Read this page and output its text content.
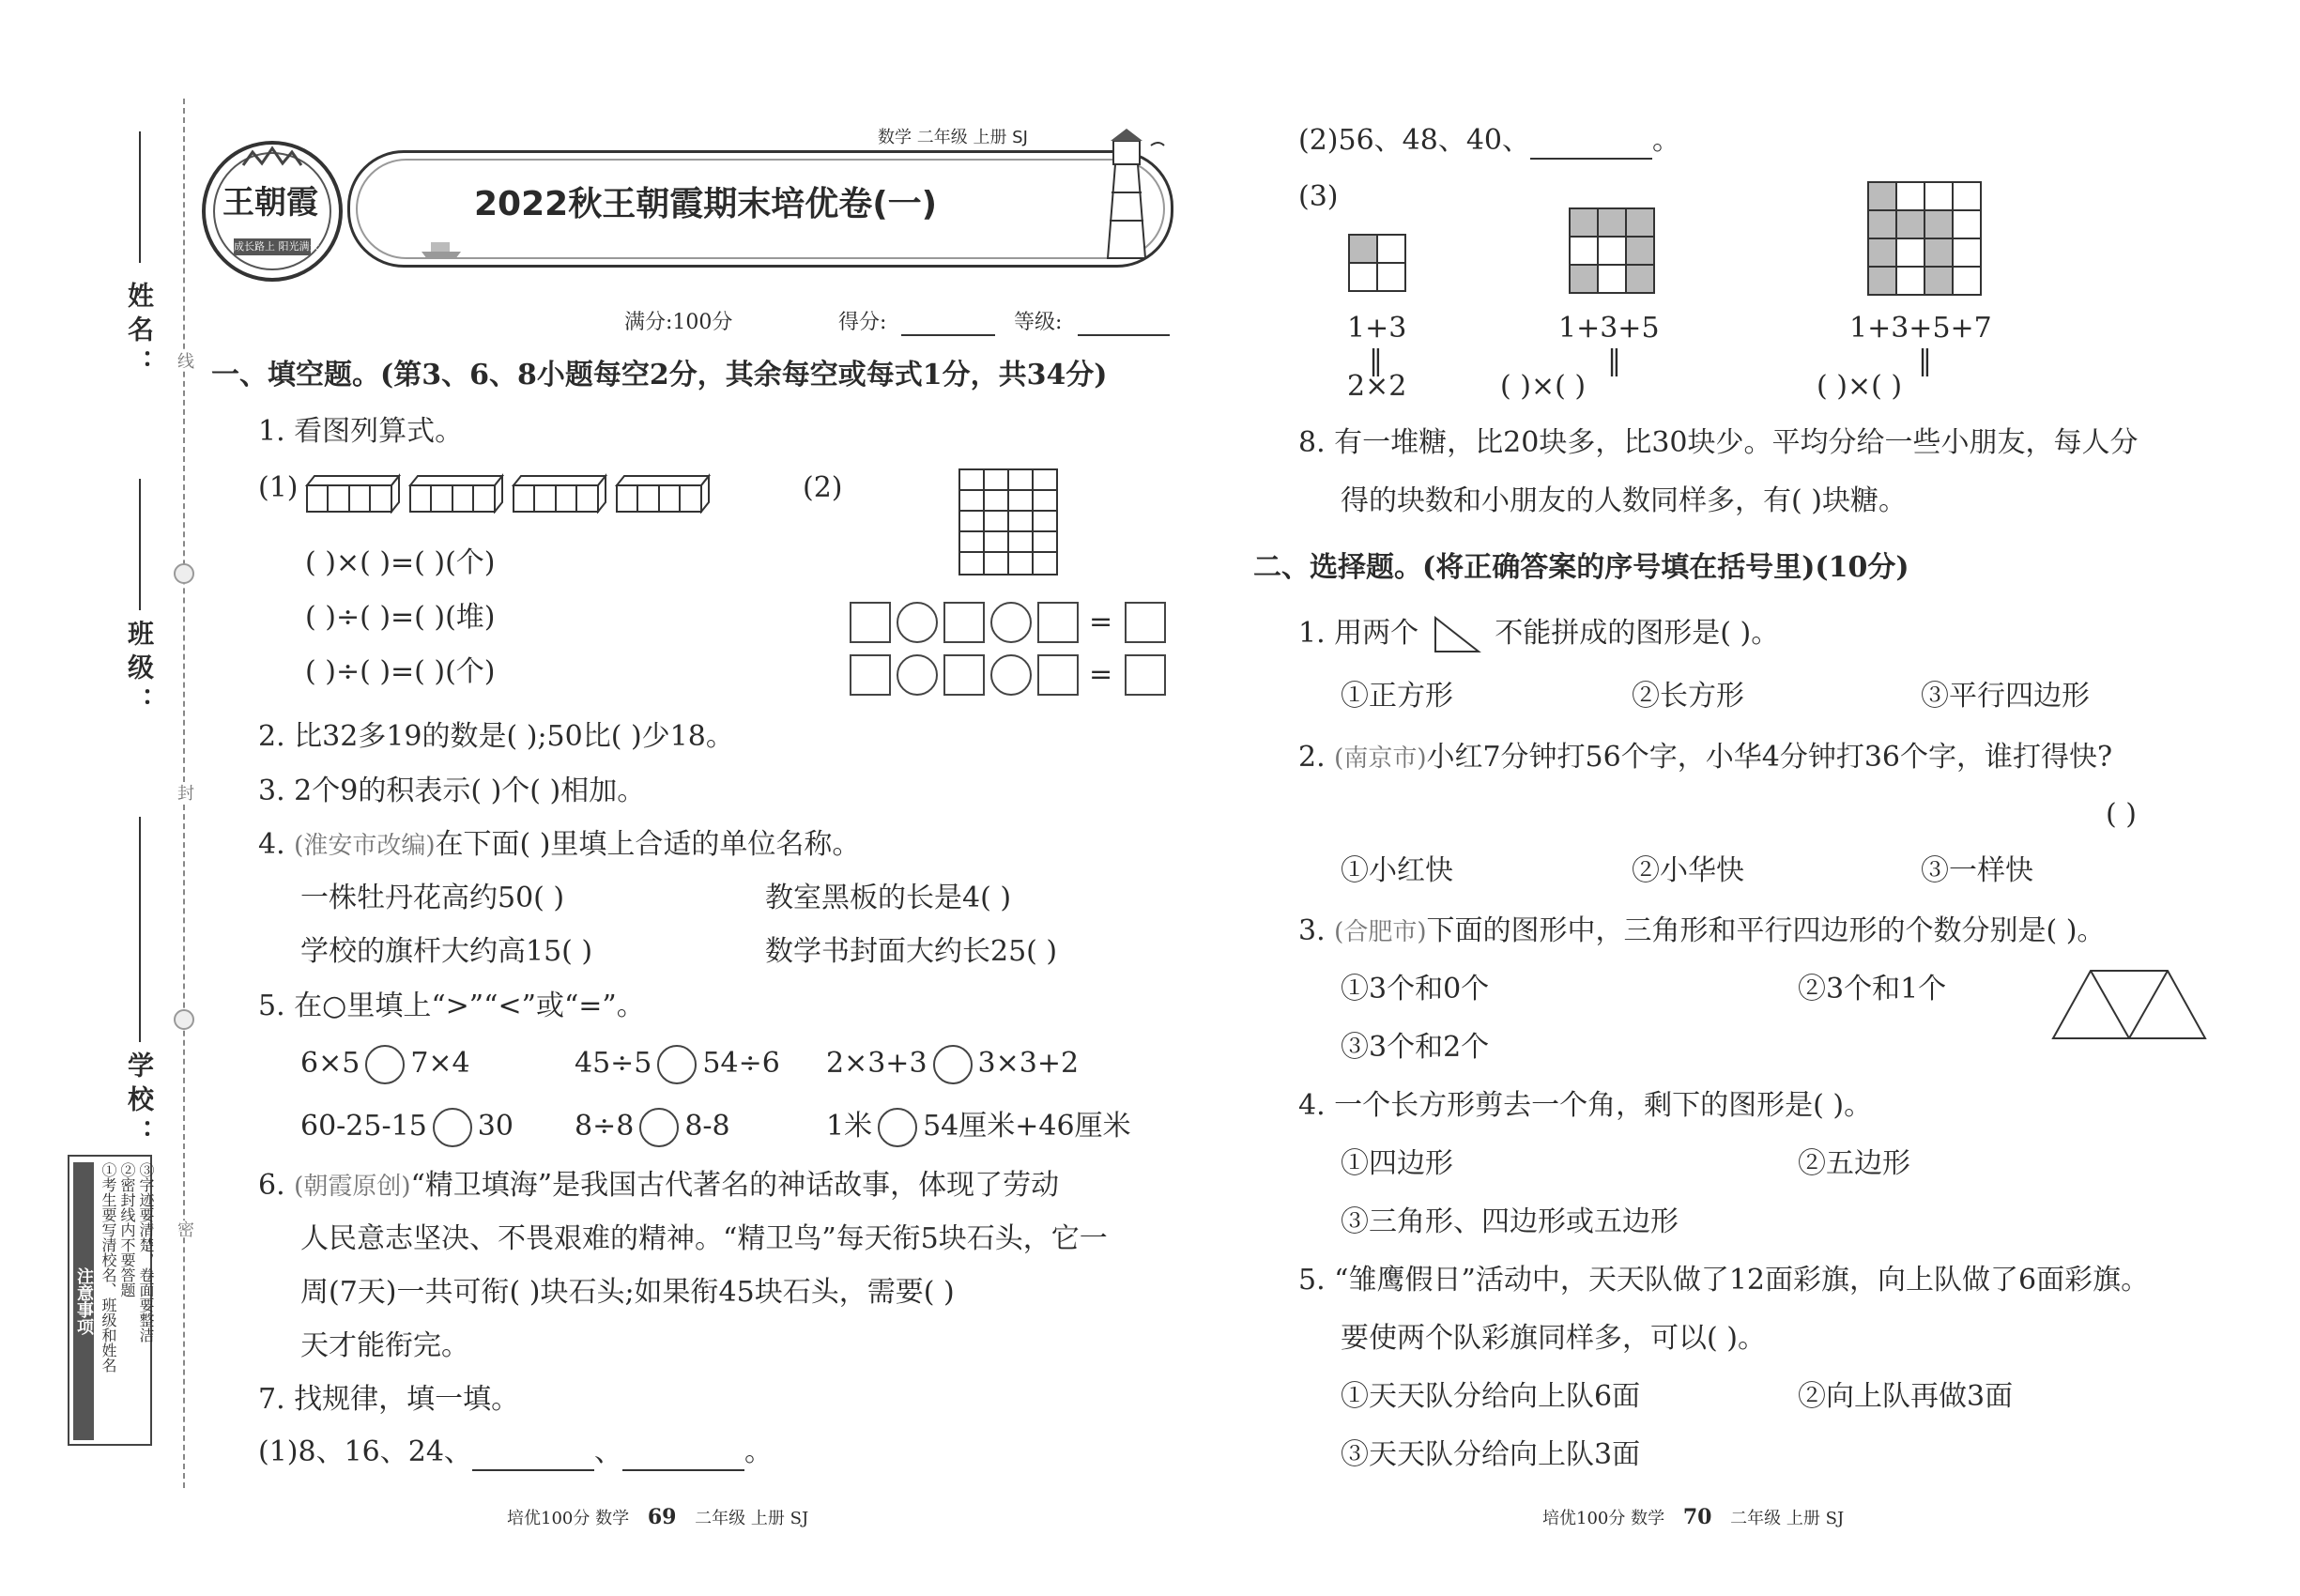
姓名：
班级：
学校：
线
封
密
注意事项 ①考生要写清校名、班级和姓名 ②密封线内不要答题 ③字迹要清楚，卷面要整洁
数学 二年级 上册 SJ
2022秋王朝霞期末培优卷(一)
王朝霞
成长路上 阳光满天
满分:100分	得分:	等级:
一、填空题。(第3、6、8小题每空2分，其余每空或每式1分，共34分)
1. 看图列算式。
(1)	(2)
( )×( )=( )(个)
( )÷( )=( )(堆)
( )÷( )=( )(个)
=
=
2. 比32多19的数是( );50比( )少18。
3. 2个9的积表示( )个( )相加。
4. (淮安市改编)在下面( )里填上合适的单位名称。
一株牡丹花高约50( )	教室黑板的长是4( )
学校的旗杆大约高15( )	数学书封面大约长25( )
5. 在○里填上“>”“<”或“=”。
6×5 7×4	45÷5 54÷6 2×3+3 3×3+2
60-25-15 30 8÷8 8-8	1米 54厘米+46厘米
6. (朝霞原创)“精卫填海”是我国古代著名的神话故事，体现了劳动
人民意志坚决、不畏艰难的精神。“精卫鸟”每天衔5块石头，它一
周(7天)一共可衔( )块石头;如果衔45块石头，需要( )
天才能衔完。
7. 找规律，填一填。
(1)8、16、24、	、	。
(2)56、48、40、	。
(3)
1+3
‖
2×2
1+3+5
‖
( )×( )
1+3+5+7
‖
( )×( )
8. 有一堆糖，比20块多，比30块少。平均分给一些小朋友，每人分
得的块数和小朋友的人数同样多，有( )块糖。
二、选择题。(将正确答案的序号填在括号里)(10分)
1. 用两个	不能拼成的图形是( )。
①正方形	②长方形	③平行四边形
2. (南京市)小红7分钟打56个字，小华4分钟打36个字，谁打得快?
( )
①小红快	②小华快	③一样快
3. (合肥市)下面的图形中，三角形和平行四边形的个数分别是( )。
①3个和0个	②3个和1个
③3个和2个
4. 一个长方形剪去一个角，剩下的图形是( )。
①四边形	②五边形
③三角形、四边形或五边形
5. “雏鹰假日”活动中，天天队做了12面彩旗，向上队做了6面彩旗。
要使两个队彩旗同样多，可以( )。
①天天队分给向上队6面	②向上队再做3面
③天天队分给向上队3面
培优100分 数学 69 二年级 上册 SJ	培优100分 数学 70 二年级 上册 SJ
